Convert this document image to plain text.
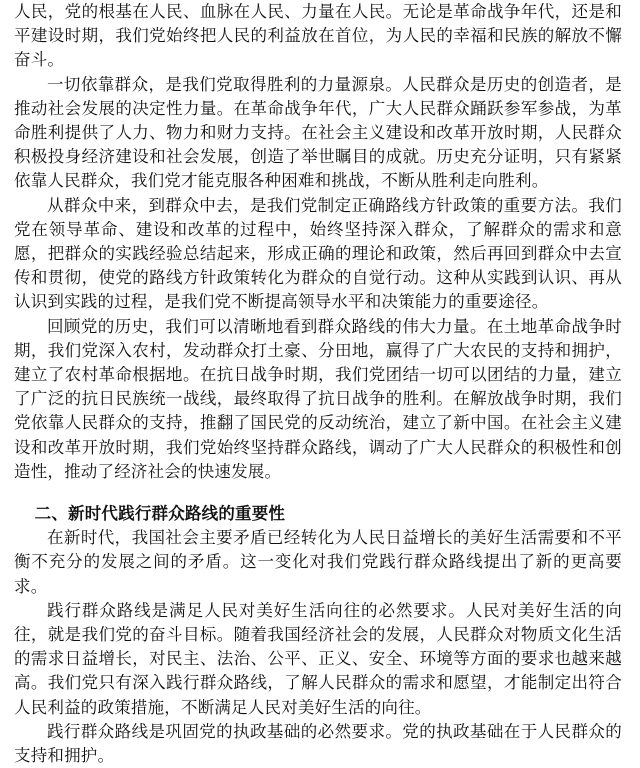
人民，党的根基在人民、血脉在人民、力量在人民。无论是革命战争年代，还是和平建设时期，我们党始终把人民的利益放在首位，为人民的幸福和民族的解放不懈奋斗。

一切依靠群众，是我们党取得胜利的力量源泉。人民群众是历史的创造者，是推动社会发展的决定性力量。在革命战争年代，广大人民群众踊跃参军参战，为革命胜利提供了人力、物力和财力支持。在社会主义建设和改革开放时期，人民群众积极投身经济建设和社会发展，创造了举世瞩目的成就。历史充分证明，只有紧紧依靠人民群众，我们党才能克服各种困难和挑战，不断从胜利走向胜利。

从群众中来，到群众中去，是我们党制定正确路线方针政策的重要方法。我们党在领导革命、建设和改革的过程中，始终坚持深入群众，了解群众的需求和意愿，把群众的实践经验总结起来，形成正确的理论和政策，然后再回到群众中去宣传和贯彻，使党的路线方针政策转化为群众的自觉行动。这种从实践到认识、再从认识到实践的过程，是我们党不断提高领导水平和决策能力的重要途径。

回顾党的历史，我们可以清晰地看到群众路线的伟大力量。在土地革命战争时期，我们党深入农村，发动群众打土豪、分田地，赢得了广大农民的支持和拥护，建立了农村革命根据地。在抗日战争时期，我们党团结一切可以团结的力量，建立了广泛的抗日民族统一战线，最终取得了抗日战争的胜利。在解放战争时期，我们党依靠人民群众的支持，推翻了国民党的反动统治，建立了新中国。在社会主义建设和改革开放时期，我们党始终坚持群众路线，调动了广大人民群众的积极性和创造性，推动了经济社会的快速发展。

二、新时代践行群众路线的重要性

在新时代，我国社会主要矛盾已经转化为人民日益增长的美好生活需要和不平衡不充分的发展之间的矛盾。这一变化对我们党践行群众路线提出了新的更高要求。

践行群众路线是满足人民对美好生活向往的必然要求。人民对美好生活的向往，就是我们党的奋斗目标。随着我国经济社会的发展，人民群众对物质文化生活的需求日益增长，对民主、法治、公平、正义、安全、环境等方面的要求也越来越高。我们党只有深入践行群众路线，了解人民群众的需求和愿望，才能制定出符合人民利益的政策措施，不断满足人民对美好生活的向往。

践行群众路线是巩固党的执政基础的必然要求。党的执政基础在于人民群众的支持和拥护。
